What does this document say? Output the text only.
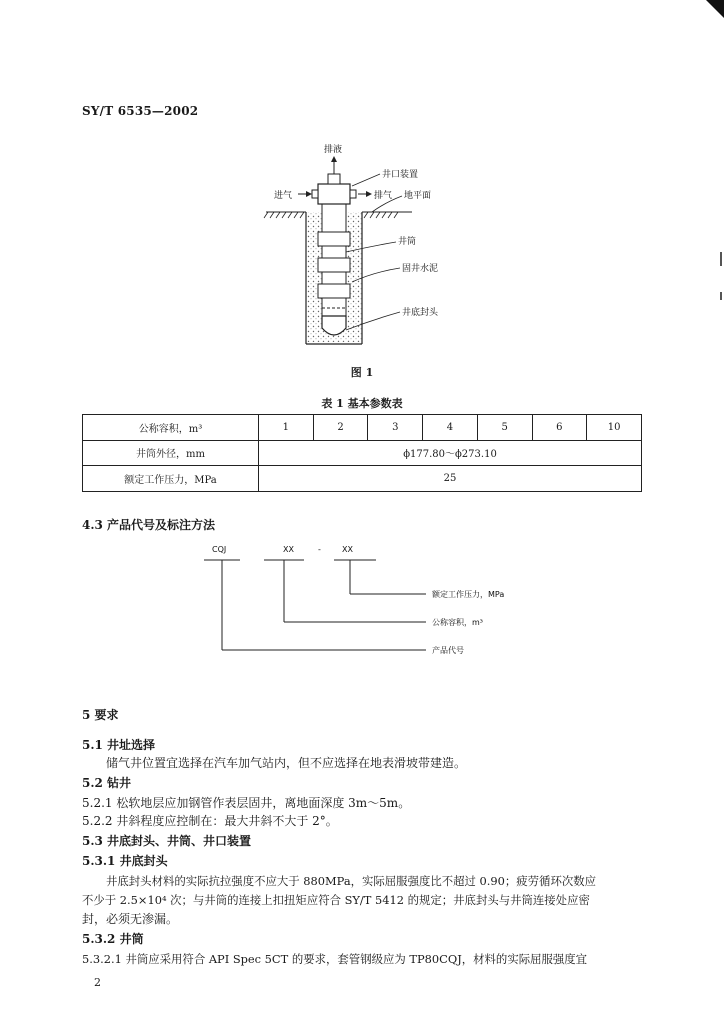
SY/T 6535—2002
排液
井口装置
进气	排气 地平面
井筒
固井水泥
井底封头
图 1
表 1 基本参数表
公称容积，m³	1	2	3	4	5	6	10
井筒外径，mm	ϕ177.80～ϕ273.10						
额定工作压力，MPa	25						
4.3 产品代号及标注方法
CQJ	XX	-	XX
额定工作压力，MPa
公称容积，m³
产品代号
5 要求
5.1 井址选择
储气井位置宜选择在汽车加气站内，但不应选择在地表滑坡带建造。
5.2 钻井
5.2.1 松软地层应加钢管作表层固井，离地面深度 3m～5m。
5.2.2 井斜程度应控制在：最大井斜不大于 2°。
5.3 井底封头、井筒、井口装置
5.3.1 井底封头
井底封头材料的实际抗拉强度不应大于 880MPa，实际屈服强度比不超过 0.90；疲劳循环次数应
不少于 2.5×10⁴ 次；与井筒的连接上扣扭矩应符合 SY/T 5412 的规定；井底封头与井筒连接处应密
封，必须无渗漏。
5.3.2 井筒
5.3.2.1 井筒应采用符合 API Spec 5CT 的要求，套管钢级应为 TP80CQJ，材料的实际屈服强度宜
2
